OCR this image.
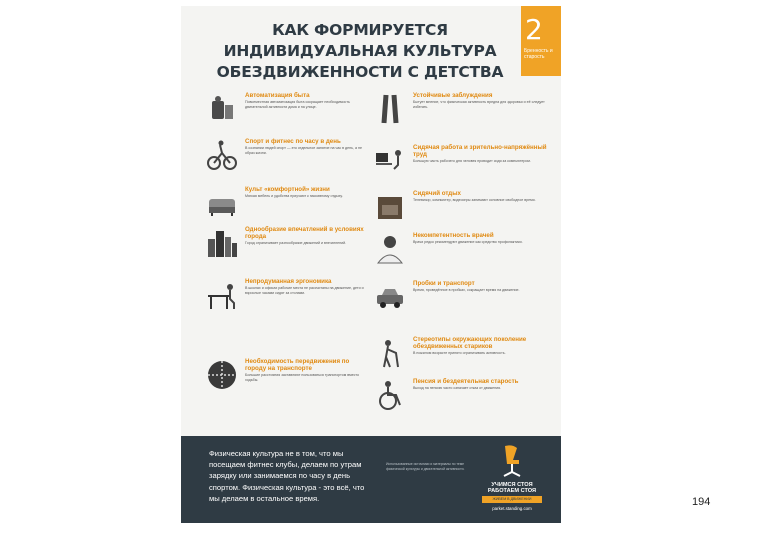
КАК ФОРМИРУЕТСЯ
ИНДИВИДУАЛЬНАЯ КУЛЬТУРА
ОБЕЗДВИЖЕННОСТИ С ДЕТСТВА
2
Бренность и старость
Автоматизация быта
Повсеместная автоматизация быта сокращает необходимость двигательной активности дома и на улице.
Спорт и фитнес по часу в день
В сознании людей спорт — это отдельное занятие на час в день, а не образ жизни.
Культ «комфортной» жизни
Мягкая мебель и удобства приучают к пассивному отдыху.
Однообразие впечатлений в условиях города
Город ограничивает разнообразие движений и впечатлений.
Непродуманная эргономика
В школах и офисах рабочие места не рассчитаны на движение, дети и взрослые часами сидят за столами.
Необходимость передвижения по городу на транспорте
Большие расстояния заставляют пользоваться транспортом вместо ходьбы.
Устойчивые заблуждения
Бытует мнение, что физическая активность вредна для здоровья и её следует избегать.
Сидячая работа и зрительно-напряжённый труд
Большую часть рабочего дня человек проводит сидя за компьютером.
Сидячий отдых
Телевизор, компьютер, видеоигры занимают основное свободное время.
Некомпетентность врачей
Врачи редко рекомендуют движение как средство профилактики.
Пробки и транспорт
Время, проведённое в пробках, сокращает время на движение.
Стереотипы окружающих поколение обездвиженных стариков
В пожилом возрасте принято ограничивать активность.
Пенсия и бездеятельная старость
Выход на пенсию часто означает отказ от движения.
Физическая культура не в том, что мы посещаем фитнес клубы, делаем по утрам зарядку или занимаемся по часу в день спортом. Физическая культура - это всё, что мы делаем в остальное время.
Использованные источники и материалы по теме физической культуры и двигательной активности.
УЧИМСЯ СТОЯ
РАБОТАЕМ СТОЯ
ЖИВЕМ В ДВИЖЕНИИ
parket.standing.com
194
